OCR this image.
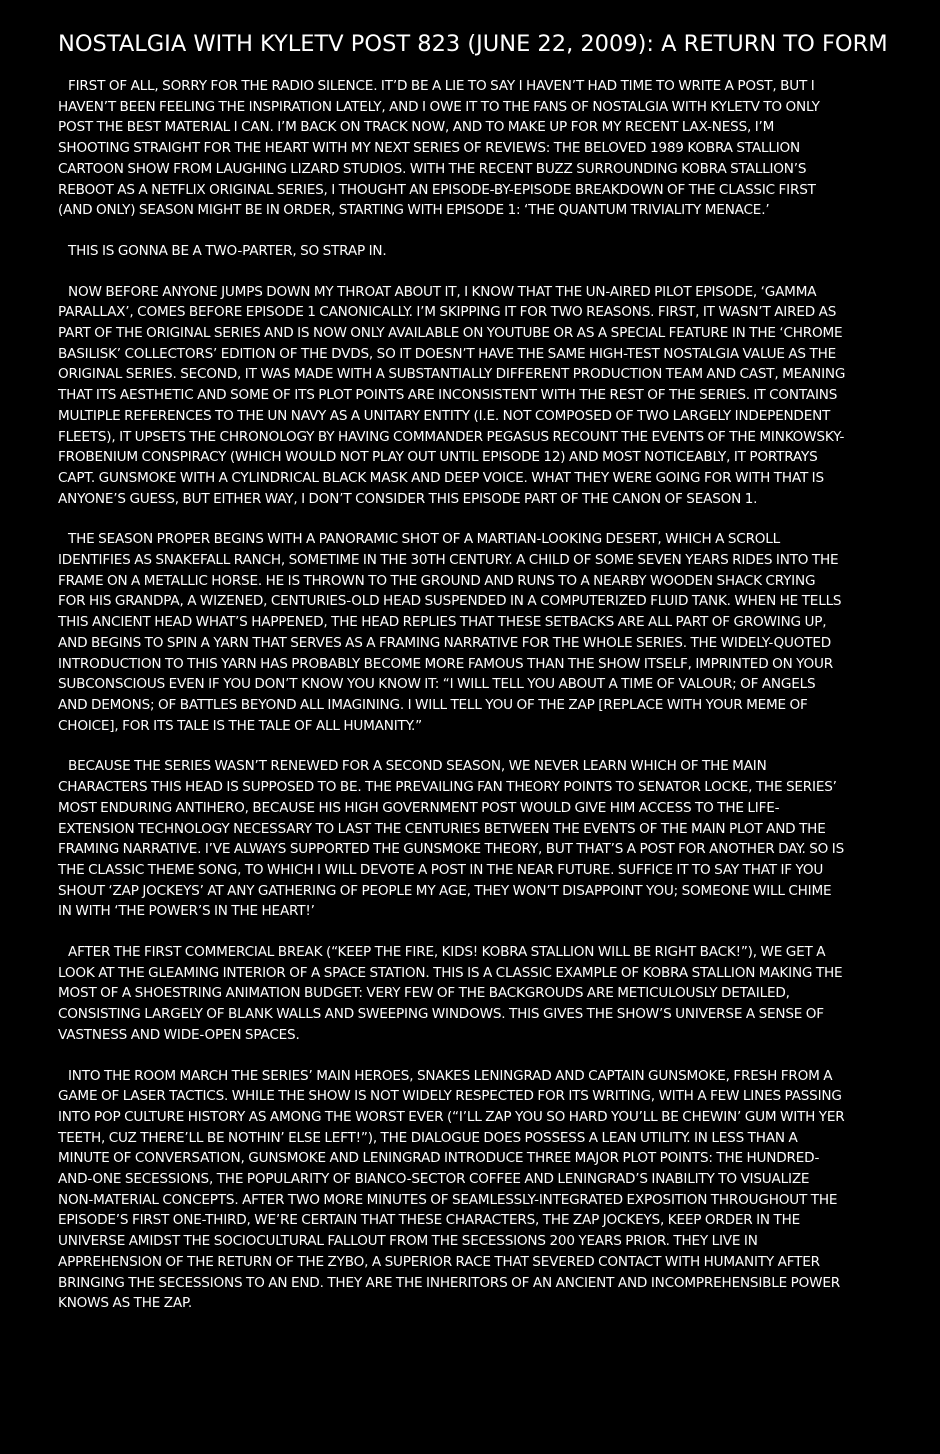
NOSTALGIA WITH KYLETV POST 823 (JUNE 22, 2009): A RETURN TO FORM

FIRST OF ALL, SORRY FOR THE RADIO SILENCE. IT’D BE A LIE TO SAY I HAVEN’T HAD TIME TO WRITE A POST, BUT I HAVEN’T BEEN FEELING THE INSPIRATION LATELY, AND I OWE IT TO THE FANS OF NOSTALGIA WITH KYLETV TO ONLY POST THE BEST MATERIAL I CAN. I’M BACK ON TRACK NOW, AND TO MAKE UP FOR MY RECENT LAX-NESS, I’M SHOOTING STRAIGHT FOR THE HEART WITH MY NEXT SERIES OF REVIEWS: THE BELOVED 1989 KOBRA STALLION CARTOON SHOW FROM LAUGHING LIZARD STUDIOS. WITH THE RECENT BUZZ SURROUNDING KOBRA STALLION’S REBOOT AS A NETFLIX ORIGINAL SERIES, I THOUGHT AN EPISODE-BY-EPISODE BREAKDOWN OF THE CLASSIC FIRST (AND ONLY) SEASON MIGHT BE IN ORDER, STARTING WITH EPISODE 1: ‘THE QUANTUM TRIVIALITY MENACE.’

THIS IS GONNA BE A TWO-PARTER, SO STRAP IN.

NOW BEFORE ANYONE JUMPS DOWN MY THROAT ABOUT IT, I KNOW THAT THE UN-AIRED PILOT EPISODE, ‘GAMMA PARALLAX’, COMES BEFORE EPISODE 1 CANONICALLY. I’M SKIPPING IT FOR TWO REASONS. FIRST, IT WASN’T AIRED AS PART OF THE ORIGINAL SERIES AND IS NOW ONLY AVAILABLE ON YOUTUBE OR AS A SPECIAL FEATURE IN THE ‘CHROME BASILISK’ COLLECTORS’ EDITION OF THE DVDS, SO IT DOESN’T HAVE THE SAME HIGH-TEST NOSTALGIA VALUE AS THE ORIGINAL SERIES. SECOND, IT WAS MADE WITH A SUBSTANTIALLY DIFFERENT PRODUCTION TEAM AND CAST, MEANING THAT ITS AESTHETIC AND SOME OF ITS PLOT POINTS ARE INCONSISTENT WITH THE REST OF THE SERIES. IT CONTAINS MULTIPLE REFERENCES TO THE UN NAVY AS A UNITARY ENTITY (I.E. NOT COMPOSED OF TWO LARGELY INDEPENDENT FLEETS), IT UPSETS THE CHRONOLOGY BY HAVING COMMANDER PEGASUS RECOUNT THE EVENTS OF THE MINKOWSKY-FROBENIUM CONSPIRACY (WHICH WOULD NOT PLAY OUT UNTIL EPISODE 12) AND MOST NOTICEABLY, IT PORTRAYS CAPT. GUNSMOKE WITH A CYLINDRICAL BLACK MASK AND DEEP VOICE. WHAT THEY WERE GOING FOR WITH THAT IS ANYONE’S GUESS, BUT EITHER WAY, I DON’T CONSIDER THIS EPISODE PART OF THE CANON OF SEASON 1.

THE SEASON PROPER BEGINS WITH A PANORAMIC SHOT OF A MARTIAN-LOOKING DESERT, WHICH A SCROLL IDENTIFIES AS SNAKEFALL RANCH, SOMETIME IN THE 30TH CENTURY. A CHILD OF SOME SEVEN YEARS RIDES INTO THE FRAME ON A METALLIC HORSE. HE IS THROWN TO THE GROUND AND RUNS TO A NEARBY WOODEN SHACK CRYING FOR HIS GRANDPA, A WIZENED, CENTURIES-OLD HEAD SUSPENDED IN A COMPUTERIZED FLUID TANK. WHEN HE TELLS THIS ANCIENT HEAD WHAT’S HAPPENED, THE HEAD REPLIES THAT THESE SETBACKS ARE ALL PART OF GROWING UP, AND BEGINS TO SPIN A YARN THAT SERVES AS A FRAMING NARRATIVE FOR THE WHOLE SERIES. THE WIDELY-QUOTED INTRODUCTION TO THIS YARN HAS PROBABLY BECOME MORE FAMOUS THAN THE SHOW ITSELF, IMPRINTED ON YOUR SUBCONSCIOUS EVEN IF YOU DON’T KNOW YOU KNOW IT: “I WILL TELL YOU ABOUT A TIME OF VALOUR; OF ANGELS AND DEMONS; OF BATTLES BEYOND ALL IMAGINING. I WILL TELL YOU OF THE ZAP [REPLACE WITH YOUR MEME OF CHOICE], FOR ITS TALE IS THE TALE OF ALL HUMANITY.”

BECAUSE THE SERIES WASN’T RENEWED FOR A SECOND SEASON, WE NEVER LEARN WHICH OF THE MAIN CHARACTERS THIS HEAD IS SUPPOSED TO BE. THE PREVAILING FAN THEORY POINTS TO SENATOR LOCKE, THE SERIES’ MOST ENDURING ANTIHERO, BECAUSE HIS HIGH GOVERNMENT POST WOULD GIVE HIM ACCESS TO THE LIFE-EXTENSION TECHNOLOGY NECESSARY TO LAST THE CENTURIES BETWEEN THE EVENTS OF THE MAIN PLOT AND THE FRAMING NARRATIVE. I’VE ALWAYS SUPPORTED THE GUNSMOKE THEORY, BUT THAT’S A POST FOR ANOTHER DAY. SO IS THE CLASSIC THEME SONG, TO WHICH I WILL DEVOTE A POST IN THE NEAR FUTURE. SUFFICE IT TO SAY THAT IF YOU SHOUT ‘ZAP JOCKEYS’ AT ANY GATHERING OF PEOPLE MY AGE, THEY WON’T DISAPPOINT YOU; SOMEONE WILL CHIME IN WITH ‘THE POWER’S IN THE HEART!’

AFTER THE FIRST COMMERCIAL BREAK (“KEEP THE FIRE, KIDS! KOBRA STALLION WILL BE RIGHT BACK!”), WE GET A LOOK AT THE GLEAMING INTERIOR OF A SPACE STATION. THIS IS A CLASSIC EXAMPLE OF KOBRA STALLION MAKING THE MOST OF A SHOESTRING ANIMATION BUDGET: VERY FEW OF THE BACKGROUDS ARE METICULOUSLY DETAILED, CONSISTING LARGELY OF BLANK WALLS AND SWEEPING WINDOWS. THIS GIVES THE SHOW’S UNIVERSE A SENSE OF VASTNESS AND WIDE-OPEN SPACES.

INTO THE ROOM MARCH THE SERIES’ MAIN HEROES, SNAKES LENINGRAD AND CAPTAIN GUNSMOKE, FRESH FROM A GAME OF LASER TACTICS. WHILE THE SHOW IS NOT WIDELY RESPECTED FOR ITS WRITING, WITH A FEW LINES PASSING INTO POP CULTURE HISTORY AS AMONG THE WORST EVER (“I’LL ZAP YOU SO HARD YOU’LL BE CHEWIN’ GUM WITH YER TEETH, CUZ THERE’LL BE NOTHIN’ ELSE LEFT!”), THE DIALOGUE DOES POSSESS A LEAN UTILITY. IN LESS THAN A MINUTE OF CONVERSATION, GUNSMOKE AND LENINGRAD INTRODUCE THREE MAJOR PLOT POINTS: THE HUNDRED-AND-ONE SECESSIONS, THE POPULARITY OF BIANCO-SECTOR COFFEE AND LENINGRAD’S INABILITY TO VISUALIZE NON-MATERIAL CONCEPTS. AFTER TWO MORE MINUTES OF SEAMLESSLY-INTEGRATED EXPOSITION THROUGHOUT THE EPISODE’S FIRST ONE-THIRD, WE’RE CERTAIN THAT THESE CHARACTERS, THE ZAP JOCKEYS, KEEP ORDER IN THE UNIVERSE AMIDST THE SOCIOCULTURAL FALLOUT FROM THE SECESSIONS 200 YEARS PRIOR. THEY LIVE IN APPREHENSION OF THE RETURN OF THE ZYBO, A SUPERIOR RACE THAT SEVERED CONTACT WITH HUMANITY AFTER BRINGING THE SECESSIONS TO AN END. THEY ARE THE INHERITORS OF AN ANCIENT AND INCOMPREHENSIBLE POWER KNOWS AS THE ZAP.
